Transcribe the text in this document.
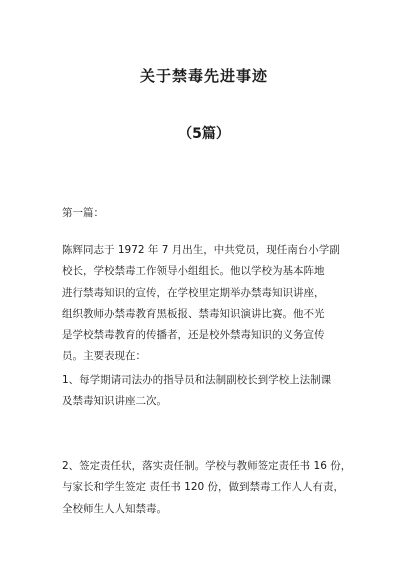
关于禁毒先进事迹
（5篇）
第一篇：
陈辉同志于 1972 年 7 月出生，中共党员，现任南台小学副
校长，学校禁毒工作领导小组组长。他以学校为基本阵地
进行禁毒知识的宣传，在学校里定期举办禁毒知识讲座，
组织教师办禁毒教育黑板报、禁毒知识演讲比赛。他不光
是学校禁毒教育的传播者，还是校外禁毒知识的义务宣传
员。主要表现在：
1、每学期请司法办的指导员和法制副校长到学校上法制课
及禁毒知识讲座二次。
2、签定责任状，落实责任制。学校与教师签定责任书 16 份，
与家长和学生签定 责任书 120 份，做到禁毒工作人人有责，
全校师生人人知禁毒。
